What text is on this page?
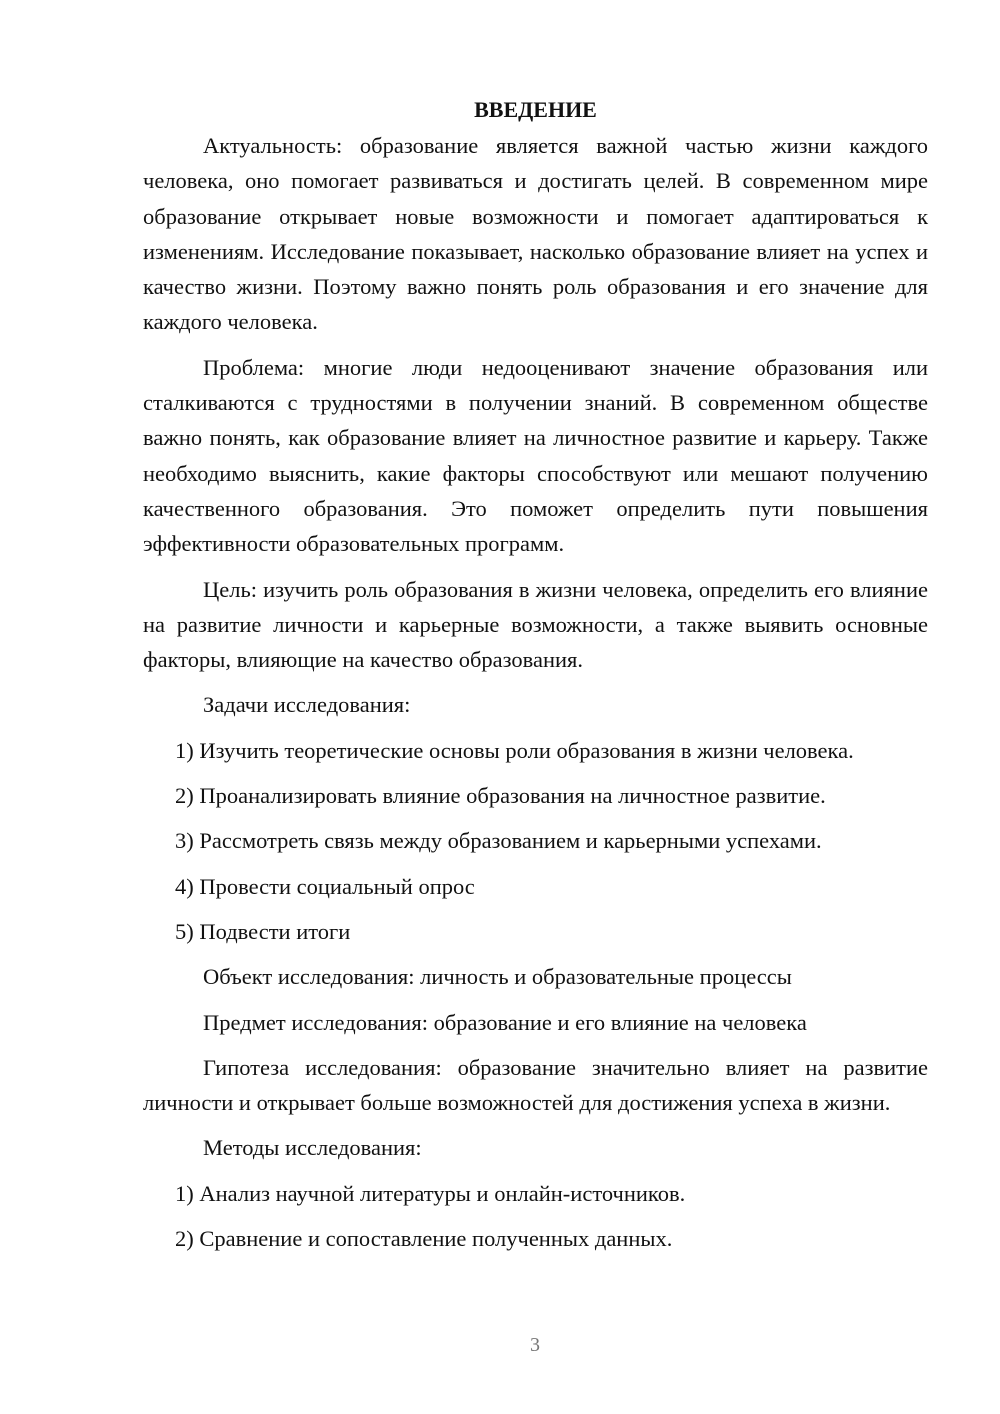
ВВЕДЕНИЕ

Актуальность: образование является важной частью жизни каждого человека, оно помогает развиваться и достигать целей. В современном мире образование открывает новые возможности и помогает адаптироваться к изменениям. Исследование показывает, насколько образование влияет на успех и качество жизни. Поэтому важно понять роль образования и его значение для каждого человека.

Проблема: многие люди недооценивают значение образования или сталкиваются с трудностями в получении знаний. В современном обществе важно понять, как образование влияет на личностное развитие и карьеру. Также необходимо выяснить, какие факторы способствуют или мешают получению качественного образования. Это поможет определить пути повышения эффективности образовательных программ.

Цель: изучить роль образования в жизни человека, определить его влияние на развитие личности и карьерные возможности, а также выявить основные факторы, влияющие на качество образования.

Задачи исследования:
1) Изучить теоретические основы роли образования в жизни человека.
2) Проанализировать влияние образования на личностное развитие.
3) Рассмотреть связь между образованием и карьерными успехами.
4) Провести социальный опрос
5) Подвести итоги
Объект исследования: личность и образовательные процессы
Предмет исследования: образование и его влияние на человека

Гипотеза исследования: образование значительно влияет на развитие личности и открывает больше возможностей для достижения успеха в жизни.

Методы исследования:
1) Анализ научной литературы и онлайн-источников.
2) Сравнение и сопоставление полученных данных.
3
